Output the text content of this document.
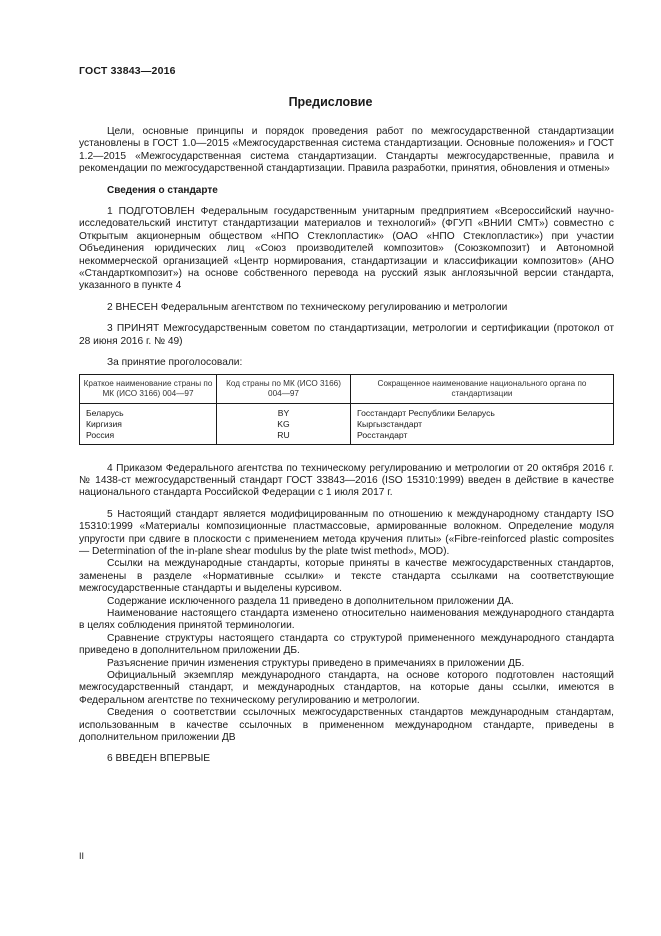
ГОСТ 33843—2016
Предисловие

Цели, основные принципы и порядок проведения работ по межгосударственной стандартизации установлены в ГОСТ 1.0—2015 «Межгосударственная система стандартизации. Основные положения» и ГОСТ 1.2—2015 «Межгосударственная система стандартизации. Стандарты межгосударственные, правила и рекомендации по межгосударственной стандартизации. Правила разработки, принятия, обновления и отмены»

Сведения о стандарте

1 ПОДГОТОВЛЕН Федеральным государственным унитарным предприятием «Всероссийский научно-исследовательский институт стандартизации материалов и технологий» (ФГУП «ВНИИ СМТ») совместно с Открытым акционерным обществом «НПО Стеклопластик» (ОАО «НПО Стеклопластик») при участии Объединения юридических лиц «Союз производителей композитов» (Союзкомпозит) и Автономной некоммерческой организацией «Центр нормирования, стандартизации и классификации композитов» (АНО «Стандарткомпозит») на основе собственного перевода на русский язык англоязычной версии стандарта, указанного в пункте 4

2 ВНЕСЕН Федеральным агентством по техническому регулированию и метрологии

3 ПРИНЯТ Межгосударственным советом по стандартизации, метрологии и сертификации (протокол от 28 июня 2016 г. № 49)

За принятие проголосовали:

Краткое наименование страны по МК (ИСО 3166) 004—97	Код страны по МК (ИСО 3166) 004—97	Сокращенное наименование национального органа по стандартизации
Беларусь	BY	Госстандарт Республики Беларусь
Киргизия	KG	Кыргызстандарт
Россия	RU	Росстандарт

4 Приказом Федерального агентства по техническому регулированию и метрологии от 20 октября 2016 г. № 1438-ст межгосударственный стандарт ГОСТ 33843—2016 (ISO 15310:1999) введен в действие в качестве национального стандарта Российской Федерации с 1 июля 2017 г.

5 Настоящий стандарт является модифицированным по отношению к международному стандарту ISO 15310:1999 «Материалы композиционные пластмассовые, армированные волокном. Определение модуля упругости при сдвиге в плоскости с применением метода кручения плиты» («Fibre-reinforced plastic composites — Determination of the in-plane shear modulus by the plate twist method», MOD).

Ссылки на международные стандарты, которые приняты в качестве межгосударственных стандартов, заменены в разделе «Нормативные ссылки» и тексте стандарта ссылками на соответствующие межгосударственные стандарты и выделены курсивом.

Содержание исключенного раздела 11 приведено в дополнительном приложении ДА.

Наименование настоящего стандарта изменено относительно наименования международного стандарта в целях соблюдения принятой терминологии.

Сравнение структуры настоящего стандарта со структурой примененного международного стандарта приведено в дополнительном приложении ДБ.

Разъяснение причин изменения структуры приведено в примечаниях в приложении ДБ.

Официальный экземпляр международного стандарта, на основе которого подготовлен настоящий межгосударственный стандарт, и международных стандартов, на которые даны ссылки, имеются в Федеральном агентстве по техническому регулированию и метрологии.

Сведения о соответствии ссылочных межгосударственных стандартов международным стандартам, использованным в качестве ссылочных в примененном международном стандарте, приведены в дополнительном приложении ДВ

6 ВВЕДЕН ВПЕРВЫЕ

II
